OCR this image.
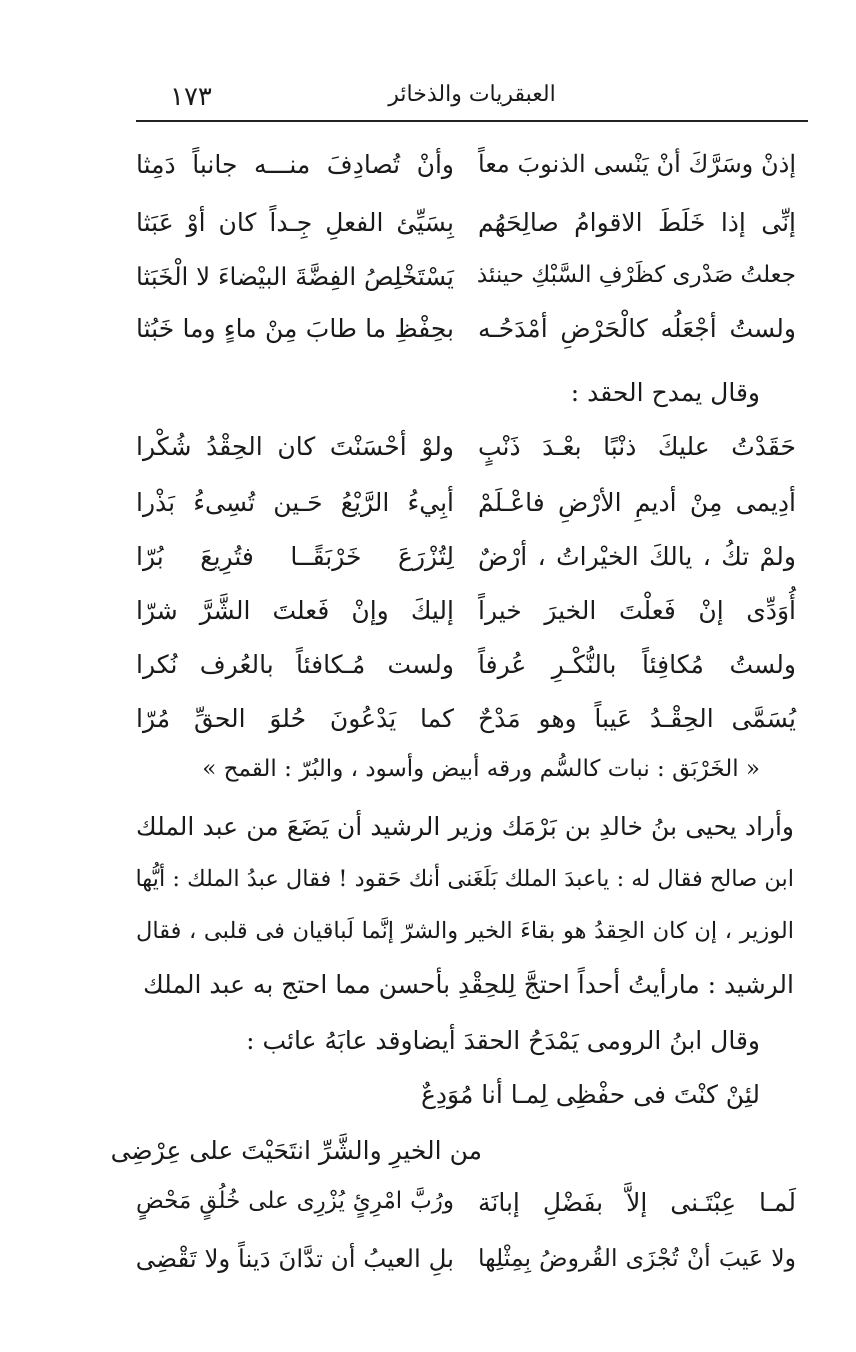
١٧٣	العبقريات والذخائر
إذنْ وسَرَّكَ أنْ يَنْسى الذنوبَ معاً
وأنْ تُصادِفَ منـــه جانباً دَمِثا
إنِّى إذا خَلَطَ الاقوامُ صالِحَهُم
بِسَيِّئ الفعلِ جِـداً كان أوْ عَبَثا
جعلتُ صَدْرى كظَرْفِ السَّبْكِ حينئذ
يَسْتَخْلِصُ الفِضَّةَ البيْضاءَ لا الْخَبَثا
ولستُ أجْعَلُه كالْحَرْضِ أمْدَحُـه
بحِفْظِ ما طابَ مِنْ ماءٍ وما خَبُثا
وقال يمدح الحقد :
حَقَدْتُ عليكَ ذنْبًا بعْـدَ ذَنْبٍ
ولوْ أحْسَنْتَ كان الحِقْدُ شُكْرا
أدِيمى مِنْ أديمِ الأرْضِ فاعْـلَمْ
أبِيءُ الرَّيْعُ حَـين تُسِىءُ بَذْرا
ولمْ تكُ ، يالكَ الخيْراتُ ، أرْضٌ
لِتُزْرَعَ خَرْبَقًــا فتُرِيعَ بُرّا
أُوَدِّى إنْ فَعلْتَ الخيرَ خيراً
إليكَ وإنْ فَعلتَ الشَّرَّ شرّا
ولستُ مُكافِئاً بالنُّكْـرِ عُرفاً
ولست مُـكافئاً بالعُرف نُكرا
يُسَمَّى الحِقْـدُ عَيباً وهو مَدْحٌ
كما يَدْعُونَ حُلوَ الحقِّ مُرّا
« الخَرْبَق : نبات كالسُّم ورقه أبيض وأسود ، والبُرّ : القمح »
وأراد يحيى بنُ خالدِ بن بَرْمَك وزير الرشيد أن يَضَعَ من عبد الملك
ابن صالح فقال له : ياعبدَ الملك بَلَغَنى أنك حَقود ! فقال عبدُ الملك : أيُّها
الوزير ، إن كان الحِقدُ هو بقاءَ الخير والشرّ إنَّما لَباقيان فى قلبى ، فقال
الرشيد : مارأيتُ أحداً احتجَّ لِلحِقْدِ بأحسن مما احتج به عبد الملك
وقال ابنُ الرومى يَمْدَحُ الحقدَ أيضاوقد عابَهُ عائب :
لئِنْ كنْتَ فى حفْظِى لِمـا أنا مُوَدِعٌ
من الخيرِ والشَّرِّ انتَحَيْتَ على عِرْضِى
لَمـا عِبْتَـنى إلاَّ بفَضْلِ إبانَة
ورُبَّ امْرِئٍ يُزْرِى على خُلُقٍ مَحْضٍ
ولا عَيبَ أنْ تُجْزَى القُروضُ بِمِثْلِها
بلِ العيبُ أن تدَّانَ دَيناً ولا تَقْضِى
